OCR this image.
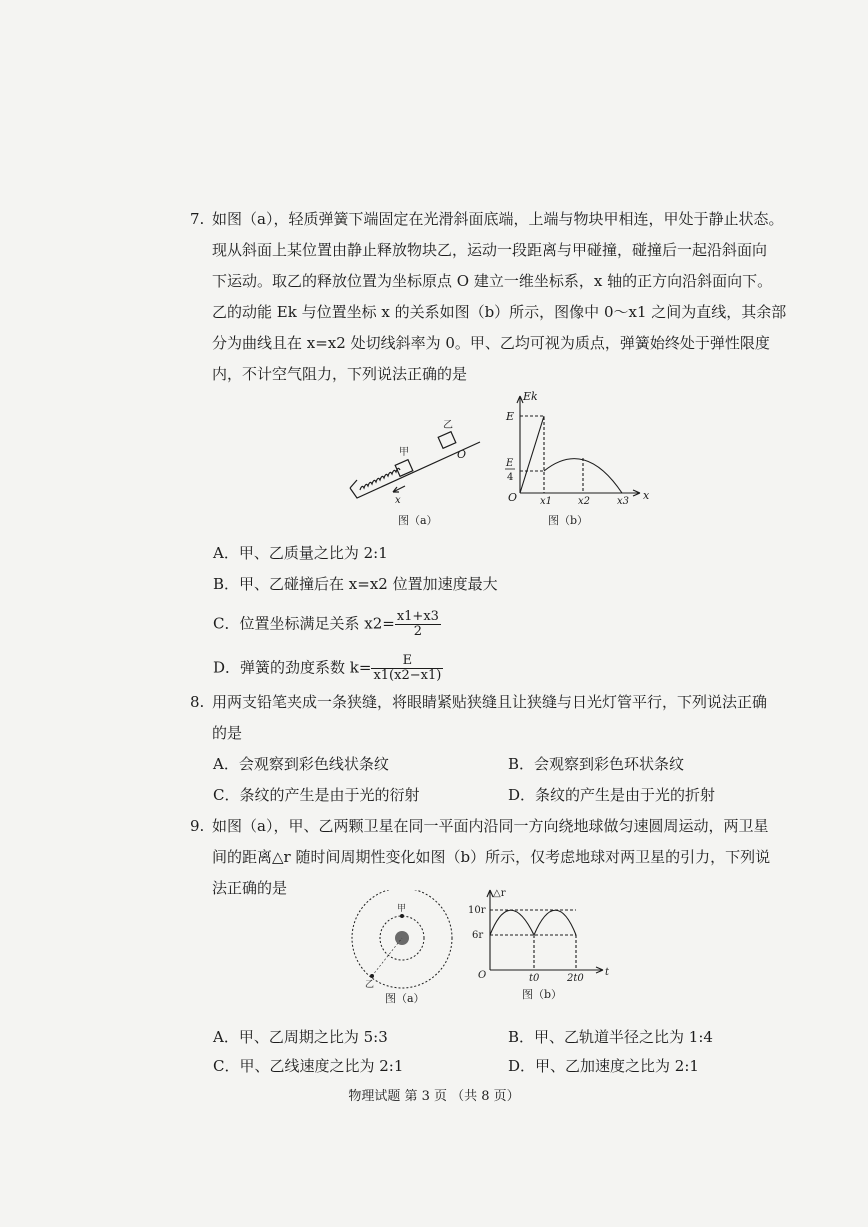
7. 如图（a），轻质弹簧下端固定在光滑斜面底端，上端与物块甲相连，甲处于静止状态。
现从斜面上某位置由静止释放物块乙，运动一段距离与甲碰撞，碰撞后一起沿斜面向
下运动。取乙的释放位置为坐标原点 O 建立一维坐标系，x 轴的正方向沿斜面向下。
乙的动能 Ek 与位置坐标 x 的关系如图（b）所示，图像中 0～x1 之间为直线，其余部
分为曲线且在 x=x2 处切线斜率为 0。甲、乙均可视为质点，弹簧始终处于弹性限度
内，不计空气阻力，下列说法正确的是
甲
乙
O
x
图（a）
Ek
x
E
E
4
O x1	x2	x3
图（b）
A．甲、乙质量之比为 2:1
B．甲、乙碰撞后在 x=x2 位置加速度最大
C．位置坐标满足关系 $x2= \frac{x1+x3}{2}$
D．弹簧的劲度系数 $k= \frac{E}{x1(x2-x1)}$
8. 用两支铅笔夹成一条狭缝，将眼睛紧贴狭缝且让狭缝与日光灯管平行，下列说法正确
的是
A．会观察到彩色线状条纹	B．会观察到彩色环状条纹
C．条纹的产生是由于光的衍射	D．条纹的产生是由于光的折射
9. 如图（a），甲、乙两颗卫星在同一平面内沿同一方向绕地球做匀速圆周运动，两卫星
间的距离△r 随时间周期性变化如图（b）所示，仅考虑地球对两卫星的引力，下列说
法正确的是
甲
乙
图（a）
△r
t
10r
6r
O	t0	2t0
图（b）
A．甲、乙周期之比为 5:3	B．甲、乙轨道半径之比为 1:4
C．甲、乙线速度之比为 2:1	D．甲、乙加速度之比为 2:1
物理试题 第 3 页 （共 8 页）
